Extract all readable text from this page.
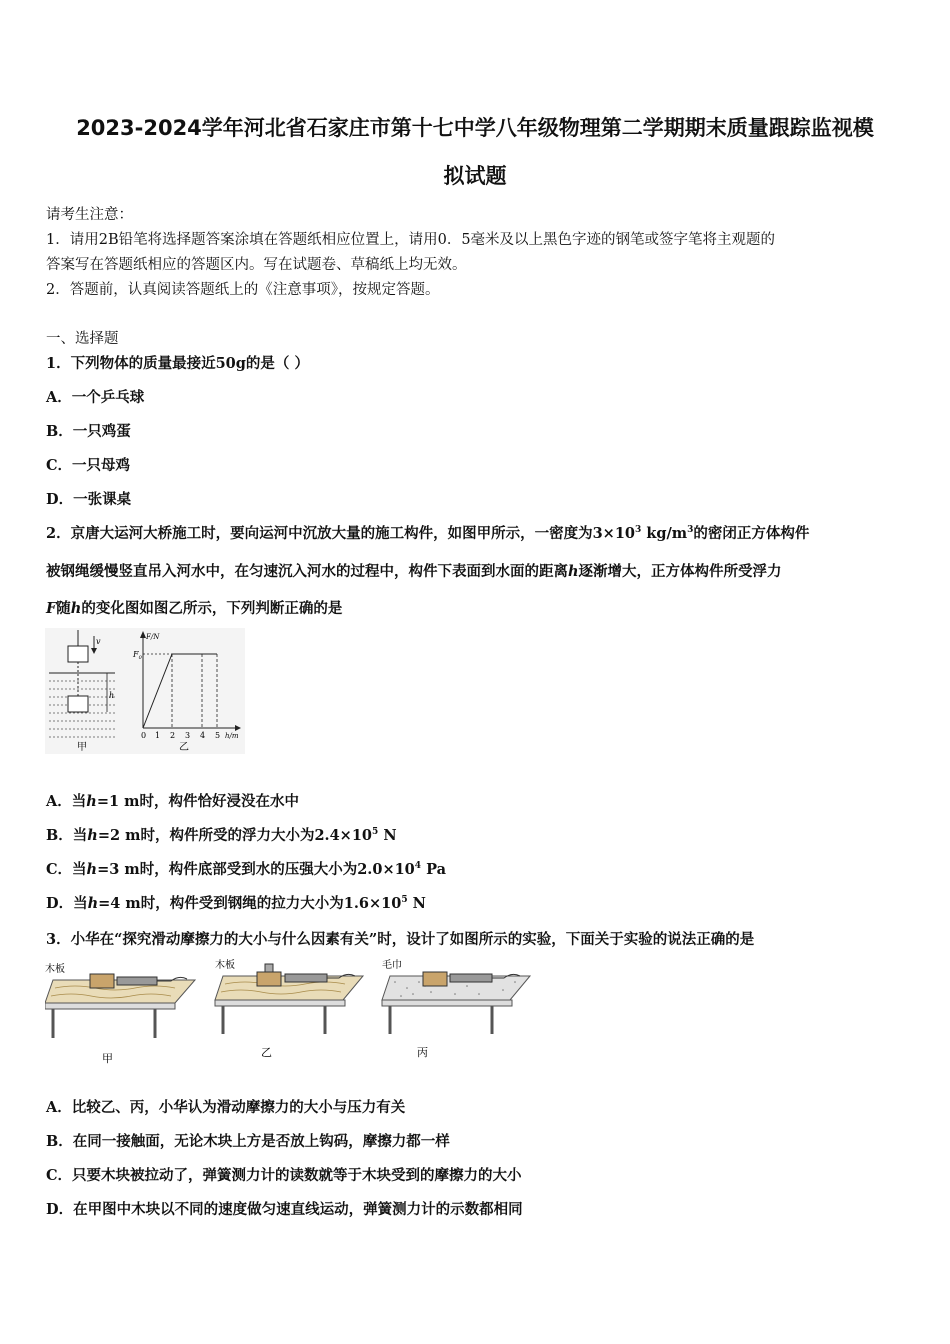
2023-2024学年河北省石家庄市第十七中学八年级物理第二学期期末质量跟踪监视模
拟试题
请考生注意：
1．请用2B铅笔将选择题答案涂填在答题纸相应位置上，请用0．5毫米及以上黑色字迹的钢笔或签字笔将主观题的
答案写在答题纸相应的答题区内。写在试题卷、草稿纸上均无效。
2．答题前，认真阅读答题纸上的《注意事项》，按规定答题。
一、选择题
1．下列物体的质量最接近50g的是（ ）
A．一个乒乓球
B．一只鸡蛋
C．一只母鸡
D．一张课桌
2．京唐大运河大桥施工时，要向运河中沉放大量的施工构件，如图甲所示，一密度为$3\times 10^3$ $kg/m^3$的密闭正方体构件
被钢绳缓慢竖直吊入河水中，在匀速沉入河水的过程中，构件下表面到水面的距离h逐渐增大，正方体构件所受浮力
F随h的变化图如图乙所示，下列判断正确的是
v
h
甲
F/N
$F_0$
0 1 2 3 4 5 h/m
乙
A．当h=1 m时，构件恰好浸没在水中
B．当h=2 m时，构件所受的浮力大小为$2.4\times 10^5$ N
C．当h=3 m时，构件底部受到水的压强大小为$2.0\times 10^4$ Pa
D．当h=4 m时，构件受到钢绳的拉力大小为$1.6\times 10^5$ N
3．小华在“探究滑动摩擦力的大小与什么因素有关”时，设计了如图所示的实验，下面关于实验的说法正确的是
木板
甲
木板
乙
毛巾
丙
A．比较乙、丙，小华认为滑动摩擦力的大小与压力有关
B．在同一接触面，无论木块上方是否放上钩码，摩擦力都一样
C．只要木块被拉动了，弹簧测力计的读数就等于木块受到的摩擦力的大小
D．在甲图中木块以不同的速度做匀速直线运动，弹簧测力计的示数都相同
